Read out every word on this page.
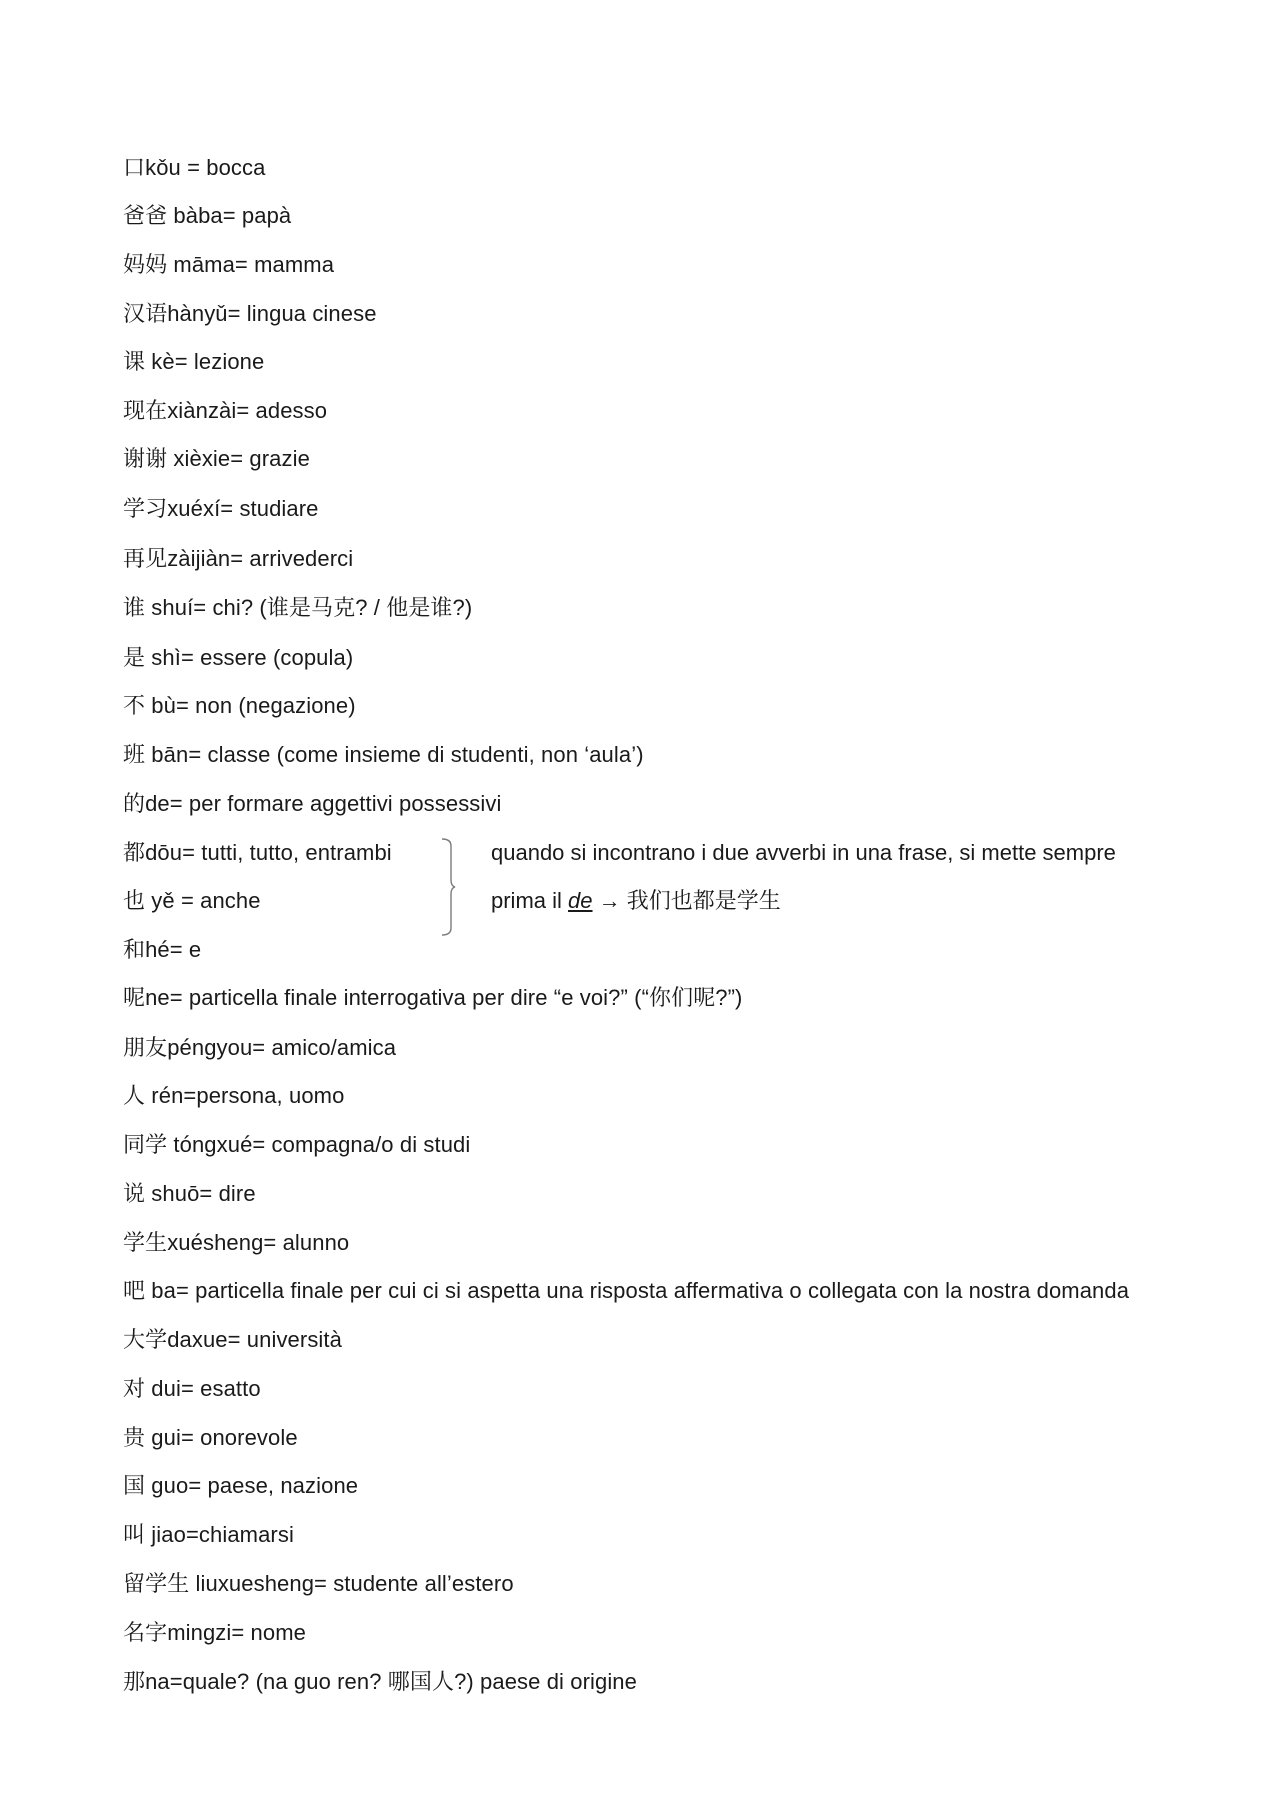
口kǒu = bocca
爸爸 bàba= papà
妈妈 māma= mamma
汉语hànyǔ= lingua cinese
课 kè= lezione
现在xiànzài= adesso
谢谢 xièxie= grazie
学习xuéxí= studiare
再见zàijiàn= arrivederci
谁 shuí= chi? (谁是马克? / 他是谁?)
是 shì= essere (copula)
不 bù= non (negazione)
班 bān= classe (come insieme di studenti, non ‘aula’)
的de= per formare aggettivi possessivi
都dōu= tutti, tutto, entrambi
也 yě = anche
和hé= e
呢ne= particella finale interrogativa per dire “e voi?” (“你们呢?”)
朋友péngyou= amico/amica
人 rén=persona, uomo
同学 tóngxué= compagna/o di studi
说 shuō= dire
学生xuésheng= alunno
吧 ba= particella finale per cui ci si aspetta una risposta affermativa o collegata con la nostra domanda
大学daxue= università
对 dui= esatto
贵 gui= onorevole
国 guo= paese, nazione
叫 jiao=chiamarsi
留学生 liuxuesheng= studente all’estero
名字mingzi= nome
那na=quale? (na guo ren? 哪国人?) paese di origine
quando si incontrano i due avverbi in una frase, si mette sempre
prima il de → 我们也都是学生
